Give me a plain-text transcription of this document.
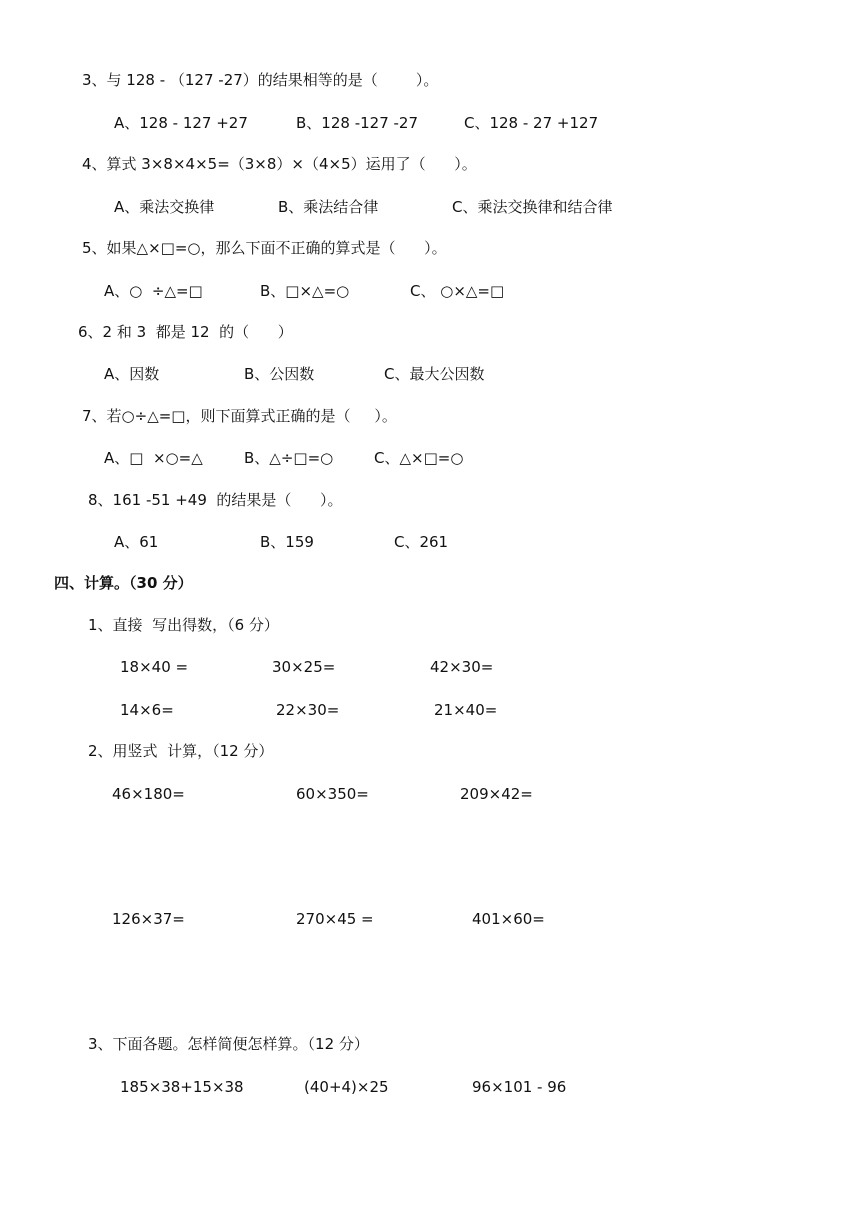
3、与 128 - （127 -27）的结果相等的是（        ）。
A、128 - 127 +27	B、128 -127 -27	C、128 - 27 +127
4、算式 3×8×4×5=（3×8）×（4×5）运用了（      ）。
A、乘法交换律	B、乘法结合律	C、乘法交换律和结合律
5、如果△×□=○，那么下面不正确的算式是（      ）。
A、○  ÷△=□	B、□×△=○	C、 ○×△=□
6、2 和 3  都是 12  的（      ）
A、因数	B、公因数	C、最大公因数
7、若○÷△=□，则下面算式正确的是（     ）。
A、□  ×○=△	B、△÷□=○	C、△×□=○
8、161 -51 +49  的结果是（      ）。
A、61	B、159	C、261
四、计算。（30 分）
1、直接  写出得数，（6 分）
18×40 =	30×25=	42×30=
14×6=	22×30=	21×40=
2、用竖式  计算，（12 分）
46×180=	60×350=	209×42=
126×37=	270×45 =	401×60=
3、下面各题。怎样简便怎样算。（12 分）
185×38+15×38	(40+4)×25	96×101 - 96
